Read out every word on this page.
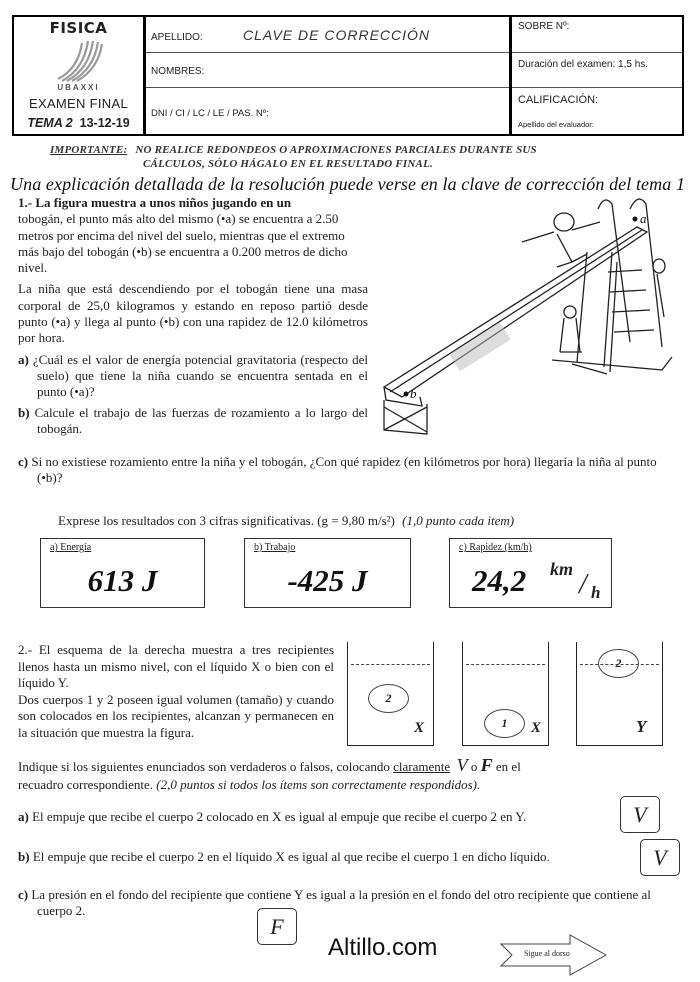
FISICA
UBAXXI
EXAMEN FINAL
TEMA 2 13-12-19
APELLIDO:	CLAVE DE CORRECCIÓN
NOMBRES:
DNI / CI / LC / LE / PAS. Nº:
SOBRE Nº:
Duración del examen: 1,5 hs.
CALIFICACIÓN:
Apellido del evaluador:
IMPORTANTE: NO REALICE REDONDEOS O APROXIMACIONES PARCIALES DURANTE SUS
CÁLCULOS, SÓLO HÁGALO EN EL RESULTADO FINAL.
Una explicación detallada de la resolución puede verse en la clave de corrección del tema 1
1.- La figura muestra a unos niños jugando en un
tobogán, el punto más alto del mismo (•a) se encuentra a 2.50 metros por encima del nivel del suelo, mientras que el extremo más bajo del tobogán (•b) se encuentra a 0.200 metros de dicho nivel.
La niña que está descendiendo por el tobogán tiene una masa corporal de 25,0 kilogramos y estando en reposo partió desde punto (•a) y llega al punto (•b) con una rapidez de 12.0 kilómetros por hora.
a) ¿Cuál es el valor de energía potencial gravitatoria (respecto del suelo) que tiene la niña cuando se encuentra sentada en el punto (•a)?
b) Calcule el trabajo de las fuerzas de rozamiento a lo largo del tobogán.
c) Si no existiese rozamiento entre la niña y el tobogán, ¿Con qué rapidez (en kilómetros por hora) llegaría la niña al punto (•b)?
a
b
Exprese los resultados con 3 cifras significativas. (g = 9,80 m/s²) (1,0 punto cada item)
a) Energía
613 J
b) Trabajo
-425 J
c) Rapidez (km/h)
24,2 km / h
2.- El esquema de la derecha muestra a tres recipientes llenos hasta un mismo nivel, con el líquido X o bien con el líquido Y.
Dos cuerpos 1 y 2 poseen igual volumen (tamaño) y cuando son colocados en los recipientes, alcanzan y permanecen en la situación que muestra la figura.
2
X	1	X
2
Y
Indique si los siguientes enunciados son verdaderos o falsos, colocando claramente V o F en el
recuadro correspondiente. (2,0 puntos si todos los ítems son correctamente respondidos).
a) El empuje que recibe el cuerpo 2 colocado en X es igual al empuje que recibe el cuerpo 2 en Y.	V
b) El empuje que recibe el cuerpo 2 en el líquido X es igual al que recibe el cuerpo 1 en dicho líquido.	V
c) La presión en el fondo del recipiente que contiene Y es igual a la presión en el fondo del otro recipiente que contiene al cuerpo 2.
F
Altillo.com	Sigue al dorso
